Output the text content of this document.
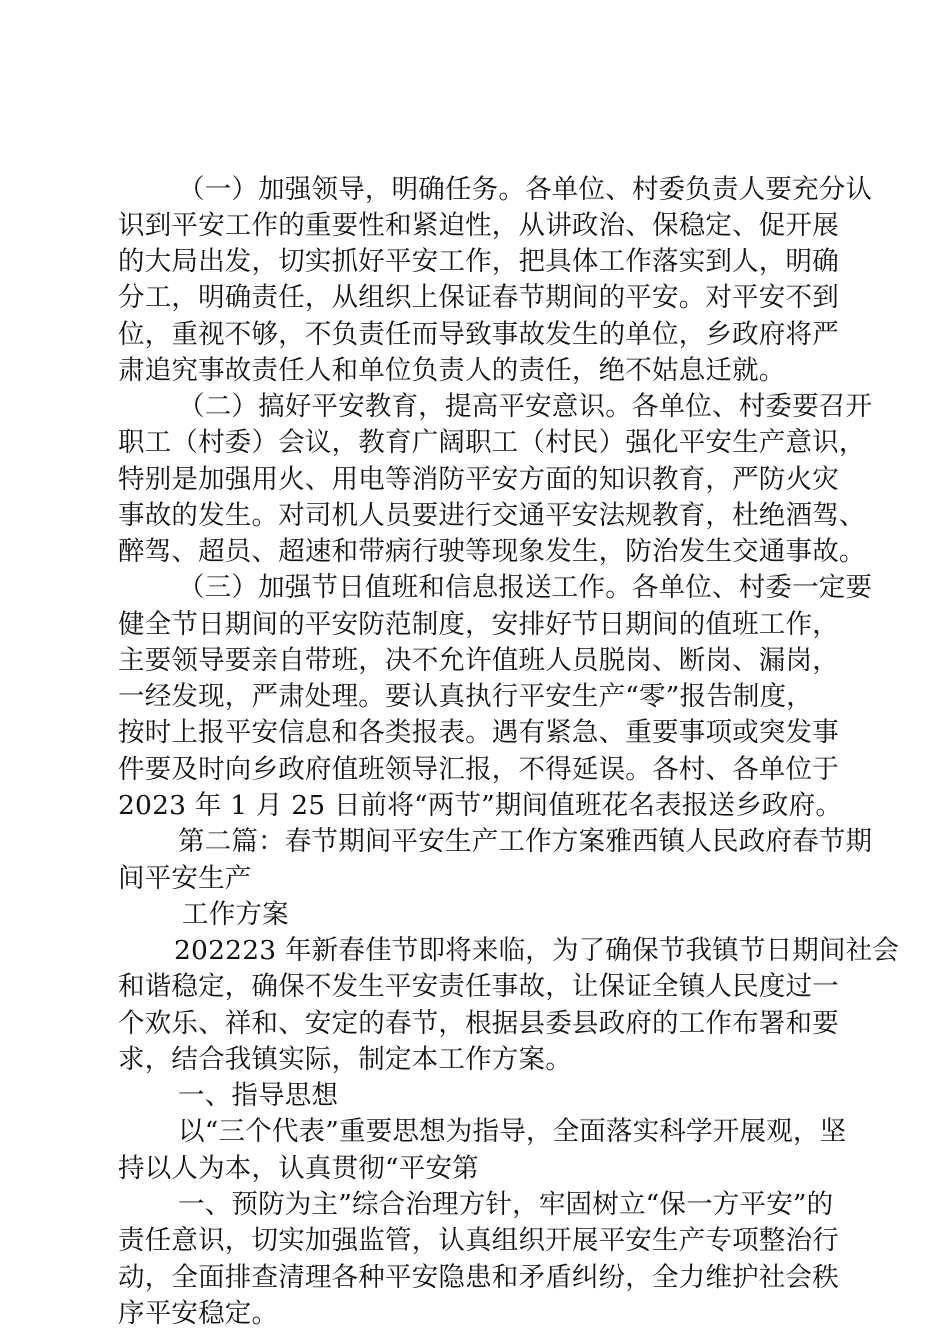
（一）加强领导，明确任务。各单位、村委负责人要充分认
识到平安工作的重要性和紧迫性，从讲政治、保稳定、促开展
的大局出发，切实抓好平安工作，把具体工作落实到人，明确
分工，明确责任，从组织上保证春节期间的平安。对平安不到
位，重视不够，不负责任而导致事故发生的单位，乡政府将严
肃追究事故责任人和单位负责人的责任，绝不姑息迁就。
（二）搞好平安教育，提高平安意识。各单位、村委要召开
职工（村委）会议，教育广阔职工（村民）强化平安生产意识，
特别是加强用火、用电等消防平安方面的知识教育，严防火灾
事故的发生。对司机人员要进行交通平安法规教育，杜绝酒驾、
醉驾、超员、超速和带病行驶等现象发生，防治发生交通事故。
（三）加强节日值班和信息报送工作。各单位、村委一定要
健全节日期间的平安防范制度，安排好节日期间的值班工作，
主要领导要亲自带班，决不允许值班人员脱岗、断岗、漏岗，
一经发现，严肃处理。要认真执行平安生产“零”报告制度，
按时上报平安信息和各类报表。遇有紧急、重要事项或突发事
件要及时向乡政府值班领导汇报，不得延误。各村、各单位于
2023 年 1 月 25 日前将“两节”期间值班花名表报送乡政府。
第二篇：春节期间平安生产工作方案雅西镇人民政府春节期
间平安生产
工作方案
202223 年新春佳节即将来临，为了确保节我镇节日期间社会
和谐稳定，确保不发生平安责任事故，让保证全镇人民度过一
个欢乐、祥和、安定的春节，根据县委县政府的工作布署和要
求，结合我镇实际，制定本工作方案。
一、指导思想
以“三个代表”重要思想为指导，全面落实科学开展观，坚
持以人为本，认真贯彻“平安第
一、预防为主”综合治理方针，牢固树立“保一方平安”的
责任意识，切实加强监管，认真组织开展平安生产专项整治行
动，全面排查清理各种平安隐患和矛盾纠纷，全力维护社会秩
序平安稳定。
